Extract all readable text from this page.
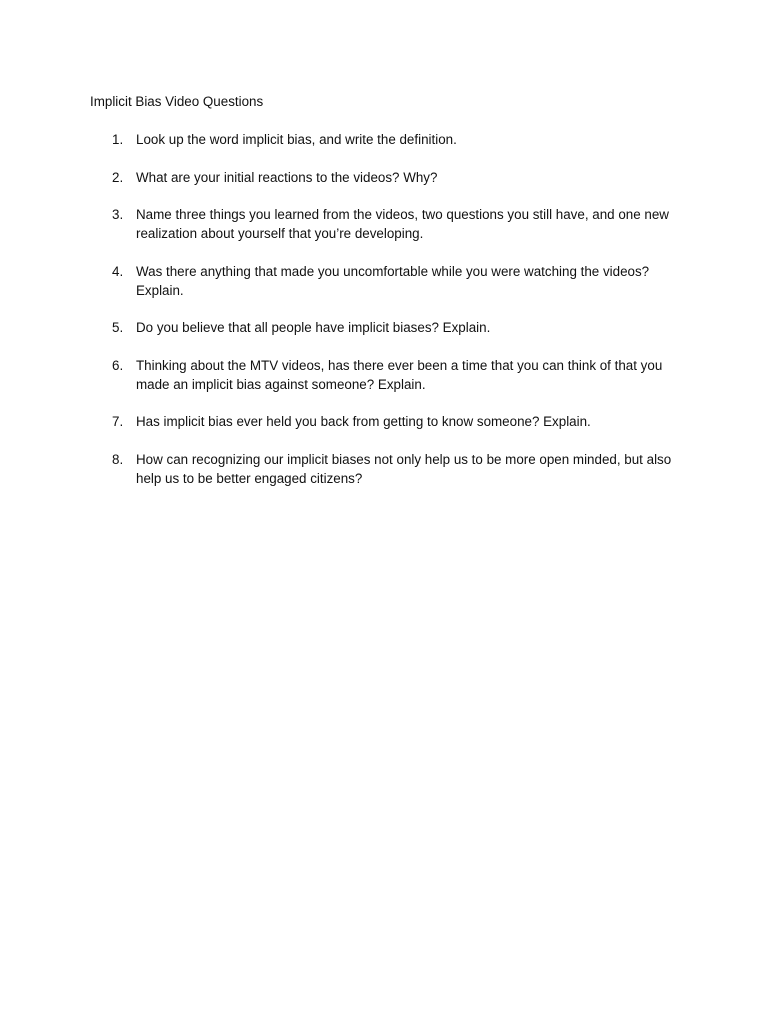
Implicit Bias Video Questions
1. Look up the word implicit bias, and write the definition.
2. What are your initial reactions to the videos? Why?
3. Name three things you learned from the videos, two questions you still have, and one new realization about yourself that you’re developing.
4. Was there anything that made you uncomfortable while you were watching the videos? Explain.
5. Do you believe that all people have implicit biases? Explain.
6. Thinking about the MTV videos, has there ever been a time that you can think of that you made an implicit bias against someone? Explain.
7. Has implicit bias ever held you back from getting to know someone? Explain.
8. How can recognizing our implicit biases not only help us to be more open minded, but also help us to be better engaged citizens?
